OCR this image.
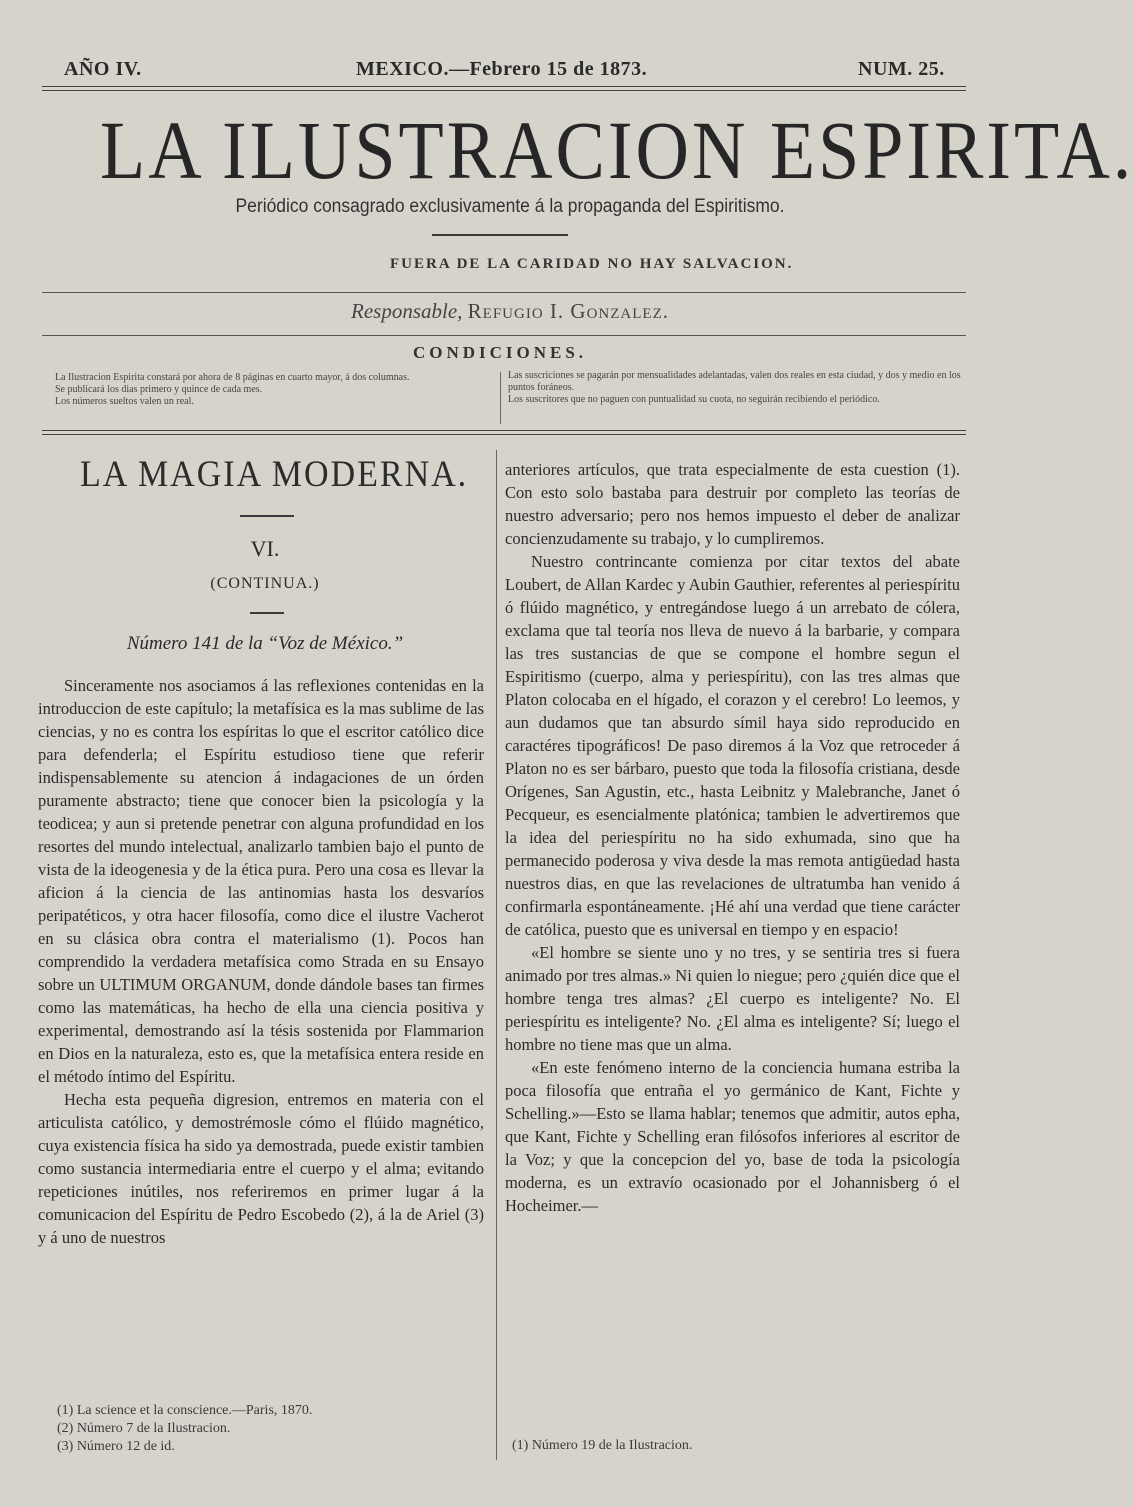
AÑO IV.	MEXICO.—Febrero 15 de 1873.	NUM. 25.
LA ILUSTRACION ESPIRITA.
Periódico consagrado exclusivamente á la propaganda del Espiritismo.
FUERA DE LA CARIDAD NO HAY SALVACION.
Responsable, Refugio I. Gonzalez.
CONDICIONES.
La Ilustracion Espirita constará por ahora de 8 páginas en cuarto mayor, á dos columnas.
Se publicará los dias primero y quince de cada mes.
Los números sueltos valen un real.
Las suscriciones se pagarán por mensualidades adelantadas, valen dos reales en esta ciudad, y dos y medio en los puntos foráneos.
Los suscritores que no paguen con puntualidad su cuota, no seguirán recibiendo el periódico.
LA MAGIA MODERNA.
VI.
(CONTINUA.)
Número 141 de la “Voz de México.”

Sinceramente nos asociamos á las reflexiones contenidas en la introduccion de este capítulo; la metafísica es la mas sublime de las ciencias, y no es contra los espíritas lo que el escritor católico dice para defenderla; el Espíritu estudioso tiene que referir indispensablemente su atencion á indagaciones de un órden puramente abstracto; tiene que conocer bien la psicología y la teodicea; y aun si pretende penetrar con alguna profundidad en los resortes del mundo intelectual, analizarlo tambien bajo el punto de vista de la ideogenesia y de la ética pura. Pero una cosa es llevar la aficion á la ciencia de las antinomias hasta los desvaríos peripatéticos, y otra hacer filosofía, como dice el ilustre Vacherot en su clásica obra contra el materialismo (1). Pocos han comprendido la verdadera metafísica como Strada en su Ensayo sobre un ULTIMUM ORGANUM, donde dándole bases tan firmes como las matemáticas, ha hecho de ella una ciencia positiva y experimental, demostrando así la tésis sostenida por Flammarion en Dios en la naturaleza, esto es, que la metafísica entera reside en el método íntimo del Espíritu.

Hecha esta pequeña digresion, entremos en materia con el articulista católico, y demostrémosle cómo el flúido magnético, cuya existencia física ha sido ya demostrada, puede existir tambien como sustancia intermediaria entre el cuerpo y el alma; evitando repeticiones inútiles, nos referiremos en primer lugar á la comunicacion del Espíritu de Pedro Escobedo (2), á la de Ariel (3) y á uno de nuestros

anteriores artículos, que trata especialmente de esta cuestion (1). Con esto solo bastaba para destruir por completo las teorías de nuestro adversario; pero nos hemos impuesto el deber de analizar concienzudamente su trabajo, y lo cumpliremos.

Nuestro contrincante comienza por citar textos del abate Loubert, de Allan Kardec y Aubin Gauthier, referentes al periespíritu ó flúido magnético, y entregándose luego á un arrebato de cólera, exclama que tal teoría nos lleva de nuevo á la barbarie, y compara las tres sustancias de que se compone el hombre segun el Espiritismo (cuerpo, alma y periespíritu), con las tres almas que Platon colocaba en el hígado, el corazon y el cerebro! Lo leemos, y aun dudamos que tan absurdo símil haya sido reproducido en caractéres tipográficos! De paso diremos á la Voz que retroceder á Platon no es ser bárbaro, puesto que toda la filosofía cristiana, desde Orígenes, San Agustin, etc., hasta Leibnitz y Malebranche, Janet ó Pecqueur, es esencialmente platónica; tambien le advertiremos que la idea del periespíritu no ha sido exhumada, sino que ha permanecido poderosa y viva desde la mas remota antigüedad hasta nuestros dias, en que las revelaciones de ultratumba han venido á confirmarla espontáneamente. ¡Hé ahí una verdad que tiene carácter de católica, puesto que es universal en tiempo y en espacio!

«El hombre se siente uno y no tres, y se sentiria tres si fuera animado por tres almas.» Ni quien lo niegue; pero ¿quién dice que el hombre tenga tres almas? ¿El cuerpo es inteligente? No. El periespíritu es inteligente? No. ¿El alma es inteligente? Sí; luego el hombre no tiene mas que un alma.

«En este fenómeno interno de la conciencia humana estriba la poca filosofía que entraña el yo germánico de Kant, Fichte y Schelling.»—Esto se llama hablar; tenemos que admitir, autos epha, que Kant, Fichte y Schelling eran filósofos inferiores al escritor de la Voz; y que la concepcion del yo, base de toda la psicología moderna, es un extravío ocasionado por el Johannisberg ó el Hocheimer.—

(1) La science et la conscience.—Paris, 1870.
(2) Número 7 de la Ilustracion.
(3) Número 12 de id.	(1) Número 19 de la Ilustracion.
